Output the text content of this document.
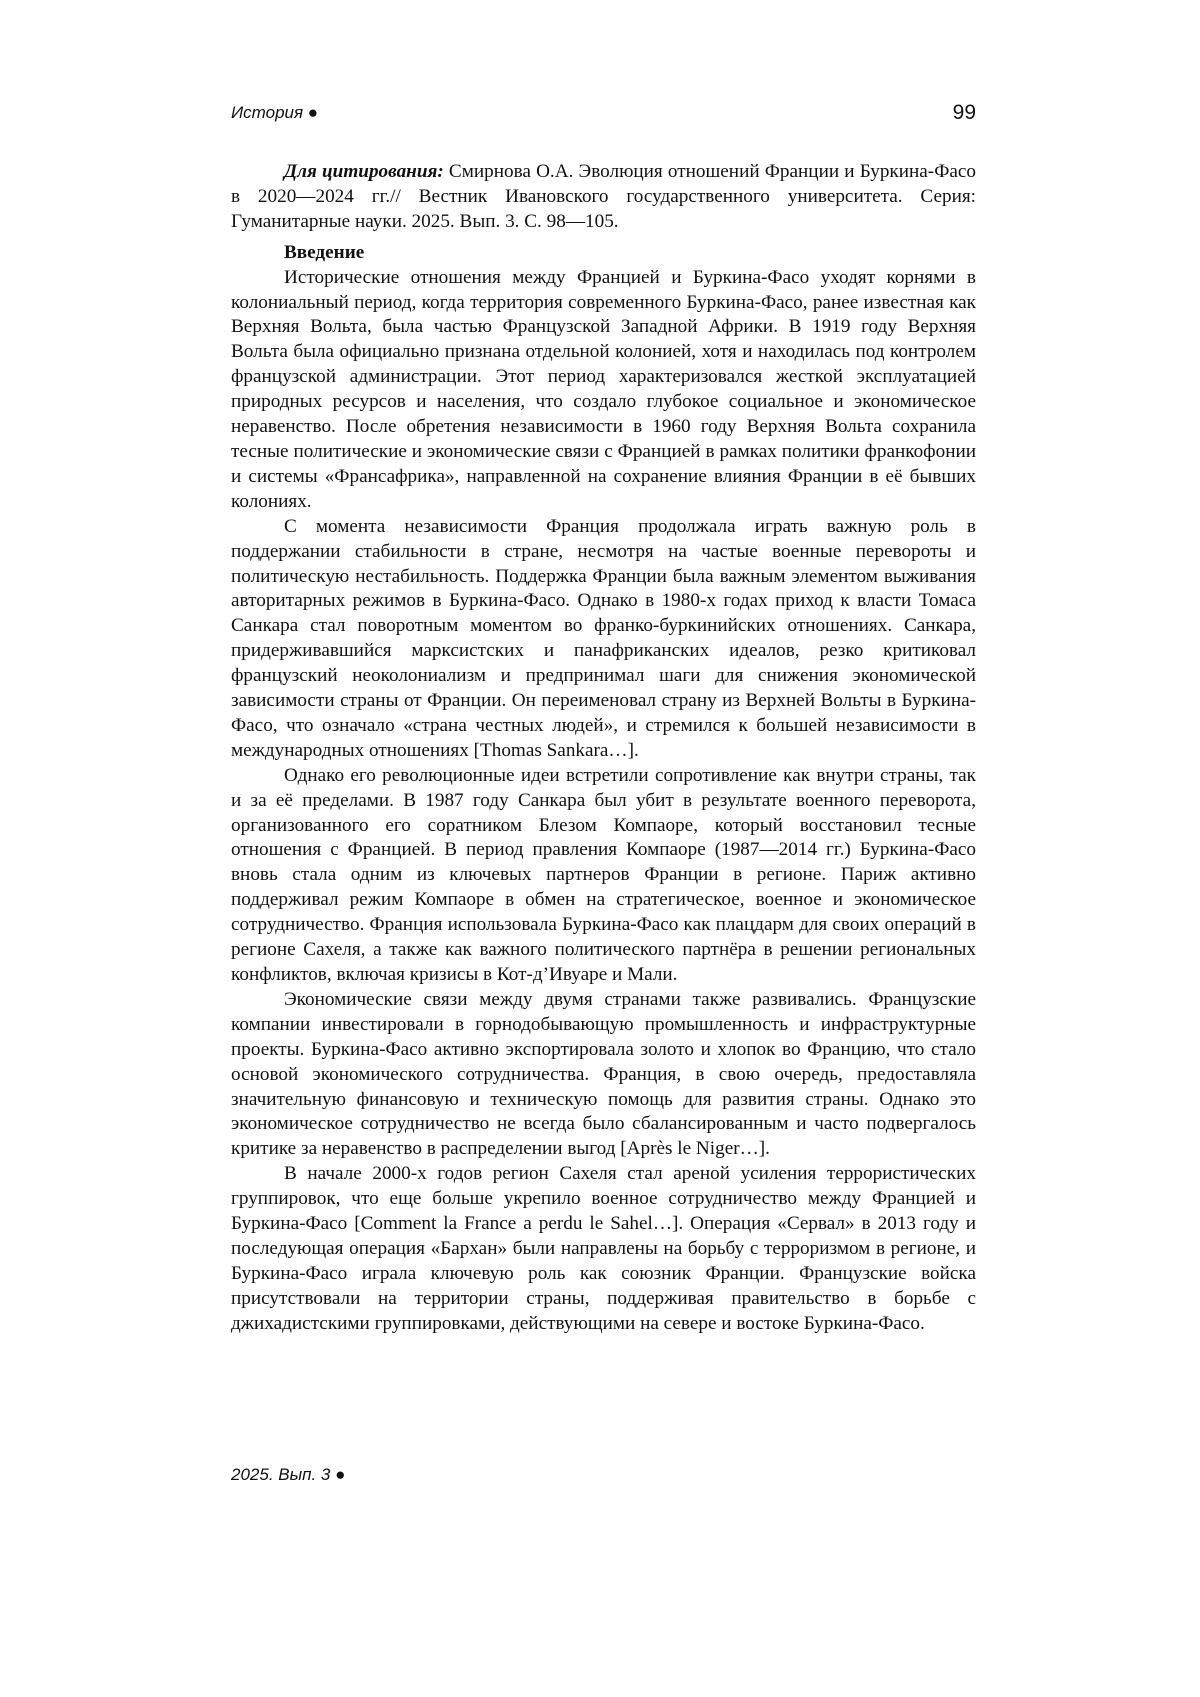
История ●	99

Для цитирования: Смирнова О.А. Эволюция отношений Франции и Буркина-Фасо в 2020—2024 гг.// Вестник Ивановского государственного университета. Серия: Гуманитарные науки. 2025. Вып. 3. С. 98—105.

Введение

Исторические отношения между Францией и Буркина-Фасо уходят корнями в колониальный период, когда территория современного Буркина-Фасо, ранее известная как Верхняя Вольта, была частью Французской Западной Африки. В 1919 году Верхняя Вольта была официально признана отдельной колонией, хотя и находилась под контролем французской администрации. Этот период характеризовался жесткой эксплуатацией природных ресурсов и населения, что создало глубокое социальное и экономическое неравенство. После обретения независимости в 1960 году Верхняя Вольта сохранила тесные политические и экономические связи с Францией в рамках политики франкофонии и системы «Франсафрика», направленной на сохранение влияния Франции в её бывших колониях.

С момента независимости Франция продолжала играть важную роль в поддержании стабильности в стране, несмотря на частые военные перевороты и политическую нестабильность. Поддержка Франции была важным элементом выживания авторитарных режимов в Буркина-Фасо. Однако в 1980-х годах приход к власти Томаса Санкара стал поворотным моментом во франко-буркинийских отношениях. Санкара, придерживавшийся марксистских и панафриканских идеалов, резко критиковал французский неоколониализм и предпринимал шаги для снижения экономической зависимости страны от Франции. Он переименовал страну из Верхней Вольты в Буркина-Фасо, что означало «страна честных людей», и стремился к большей независимости в международных отношениях [Thomas Sankara…].

Однако его революционные идеи встретили сопротивление как внутри страны, так и за её пределами. В 1987 году Санкара был убит в результате военного переворота, организованного его соратником Блезом Компаоре, который восстановил тесные отношения с Францией. В период правления Компаоре (1987—2014 гг.) Буркина-Фасо вновь стала одним из ключевых партнеров Франции в регионе. Париж активно поддерживал режим Компаоре в обмен на стратегическое, военное и экономическое сотрудничество. Франция использовала Буркина-Фасо как плацдарм для своих операций в регионе Сахеля, а также как важного политического партнёра в решении региональных конфликтов, включая кризисы в Кот-д’Ивуаре и Мали.

Экономические связи между двумя странами также развивались. Французские компании инвестировали в горнодобывающую промышленность и инфраструктурные проекты. Буркина-Фасо активно экспортировала золото и хлопок во Францию, что стало основой экономического сотрудничества. Франция, в свою очередь, предоставляла значительную финансовую и техническую помощь для развития страны. Однако это экономическое сотрудничество не всегда было сбалансированным и часто подвергалось критике за неравенство в распределении выгод [Après le Niger…].

В начале 2000-х годов регион Сахеля стал ареной усиления террористических группировок, что еще больше укрепило военное сотрудничество между Францией и Буркина-Фасо [Comment la France a perdu le Sahel…]. Операция «Сервал» в 2013 году и последующая операция «Бархан» были направлены на борьбу с терроризмом в регионе, и Буркина-Фасо играла ключевую роль как союзник Франции. Французские войска присутствовали на территории страны, поддерживая правительство в борьбе с джихадистскими группировками, действующими на севере и востоке Буркина-Фасо.

2025. Вып. 3 ●
